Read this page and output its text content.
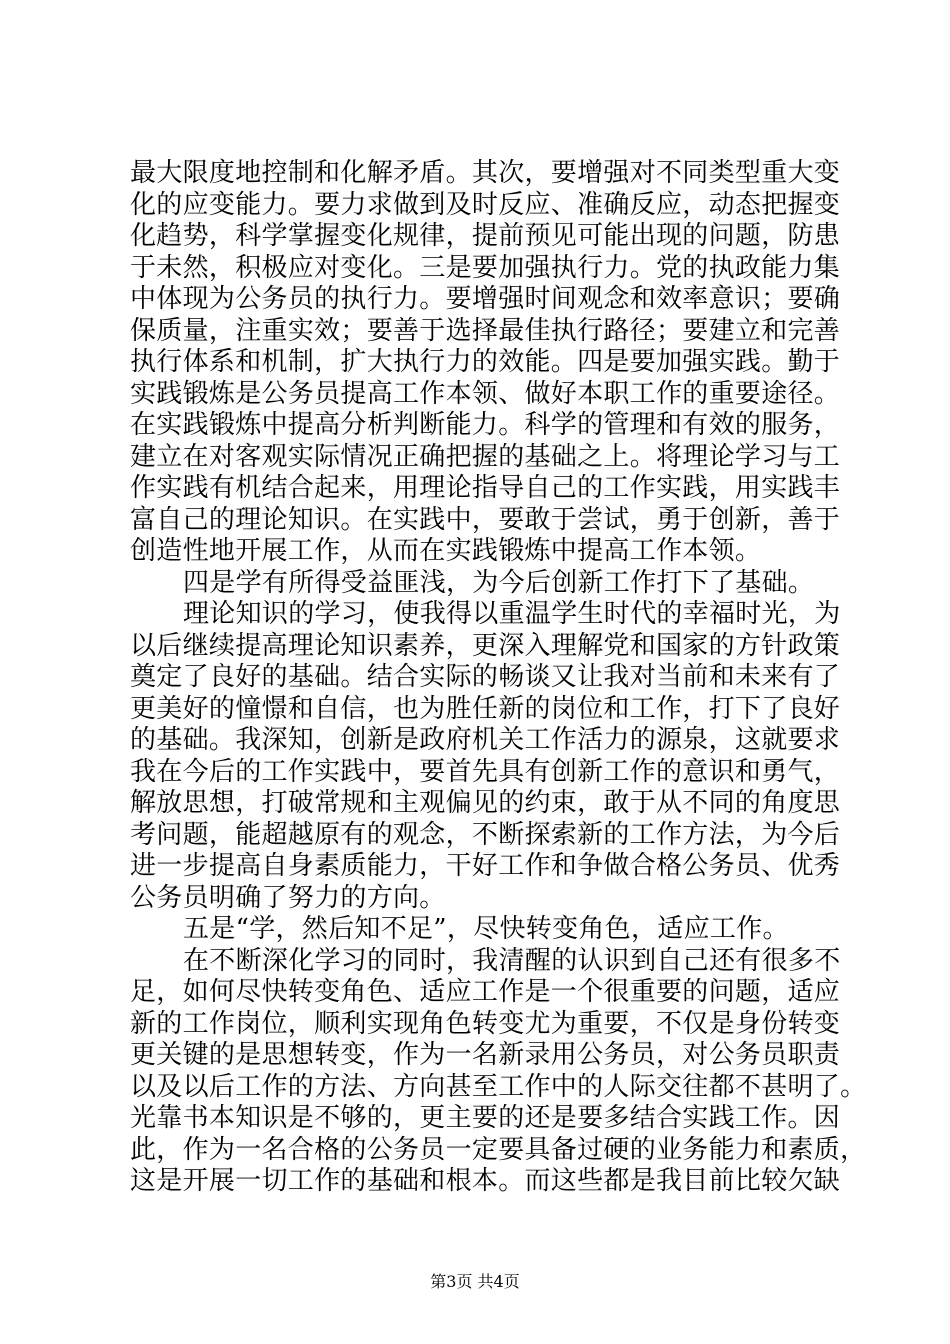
最大限度地控制和化解矛盾。其次，要增强对不同类型重大变
化的应变能力。要力求做到及时反应、准确反应，动态把握变
化趋势，科学掌握变化规律，提前预见可能出现的问题，防患
于未然，积极应对变化。三是要加强执行力。党的执政能力集
中体现为公务员的执行力。要增强时间观念和效率意识；要确
保质量，注重实效；要善于选择最佳执行路径；要建立和完善
执行体系和机制，扩大执行力的效能。四是要加强实践。勤于
实践锻炼是公务员提高工作本领、做好本职工作的重要途径。
在实践锻炼中提高分析判断能力。科学的管理和有效的服务，
建立在对客观实际情况正确把握的基础之上。将理论学习与工
作实践有机结合起来，用理论指导自己的工作实践，用实践丰
富自己的理论知识。在实践中，要敢于尝试，勇于创新，善于
创造性地开展工作，从而在实践锻炼中提高工作本领。
四是学有所得受益匪浅，为今后创新工作打下了基础。
理论知识的学习，使我得以重温学生时代的幸福时光，为
以后继续提高理论知识素养，更深入理解党和国家的方针政策
奠定了良好的基础。结合实际的畅谈又让我对当前和未来有了
更美好的憧憬和自信，也为胜任新的岗位和工作，打下了良好
的基础。我深知，创新是政府机关工作活力的源泉，这就要求
我在今后的工作实践中，要首先具有创新工作的意识和勇气，
解放思想，打破常规和主观偏见的约束，敢于从不同的角度思
考问题，能超越原有的观念，不断探索新的工作方法，为今后
进一步提高自身素质能力，干好工作和争做合格公务员、优秀
公务员明确了努力的方向。
五是“学，然后知不足”，尽快转变角色，适应工作。
在不断深化学习的同时，我清醒的认识到自己还有很多不
足，如何尽快转变角色、适应工作是一个很重要的问题，适应
新的工作岗位，顺利实现角色转变尤为重要，不仅是身份转变
更关键的是思想转变，作为一名新录用公务员，对公务员职责
以及以后工作的方法、方向甚至工作中的人际交往都不甚明了。
光靠书本知识是不够的，更主要的还是要多结合实践工作。因
此，作为一名合格的公务员一定要具备过硬的业务能力和素质，
这是开展一切工作的基础和根本。而这些都是我目前比较欠缺
第3页 共4页
